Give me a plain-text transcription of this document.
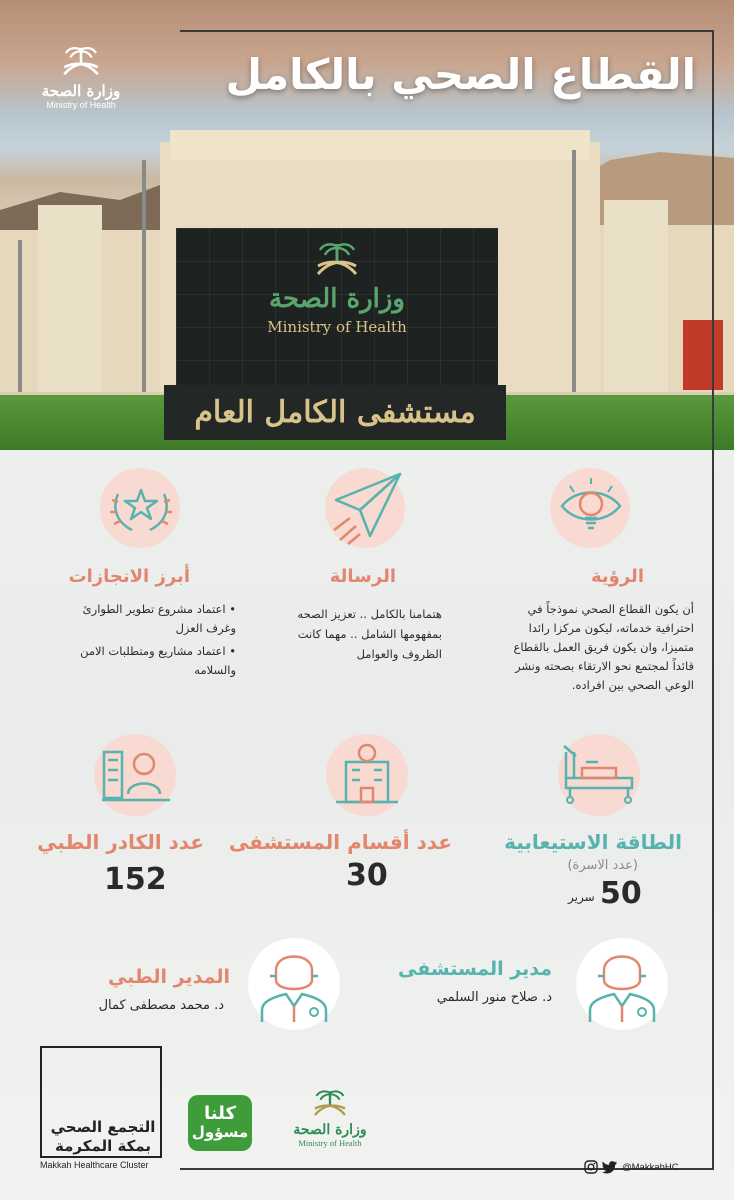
وزارة الصحة
Ministry of Health
مستشفى الكامل العام
وزارة الصحة
Ministry of Health
القطاع الصحي بالكامل
الرؤية
أن يكون القطاع الصحي نموذجاً في احترافية خدماته، ليكون مركزا رائدا متميزا، وان يكون فريق العمل بالقطاع قائداً لمجتمع نحو الارتقاء بصحته ونشر الوعي الصحي بين افراده.
الرسالة
هتمامنا بالكامل .. تعزيز الصحه بمفهومها الشامل .. مهما كانت الظروف والعوامل
أبرز الانجازات
• اعتماد مشروع تطوير الطوارئ وغرف العزل
• اعتماد مشاريع ومتطلبات الامن والسلامه
الطاقة الاستيعابية
(عدد الاسرة)
50
سرير
عدد أقسام المستشفى
30
عدد الكادر الطبي
152
مدير المستشفى
د. صلاح منور السلمي
المدير الطبي
د. محمد مصطفى كمال
التجمع الصحي
بمكة المكرمة
Makkah Healthcare Cluster
كلنا
مسؤول	وزارة الصحة
Ministry of Health
@MakkahHC
